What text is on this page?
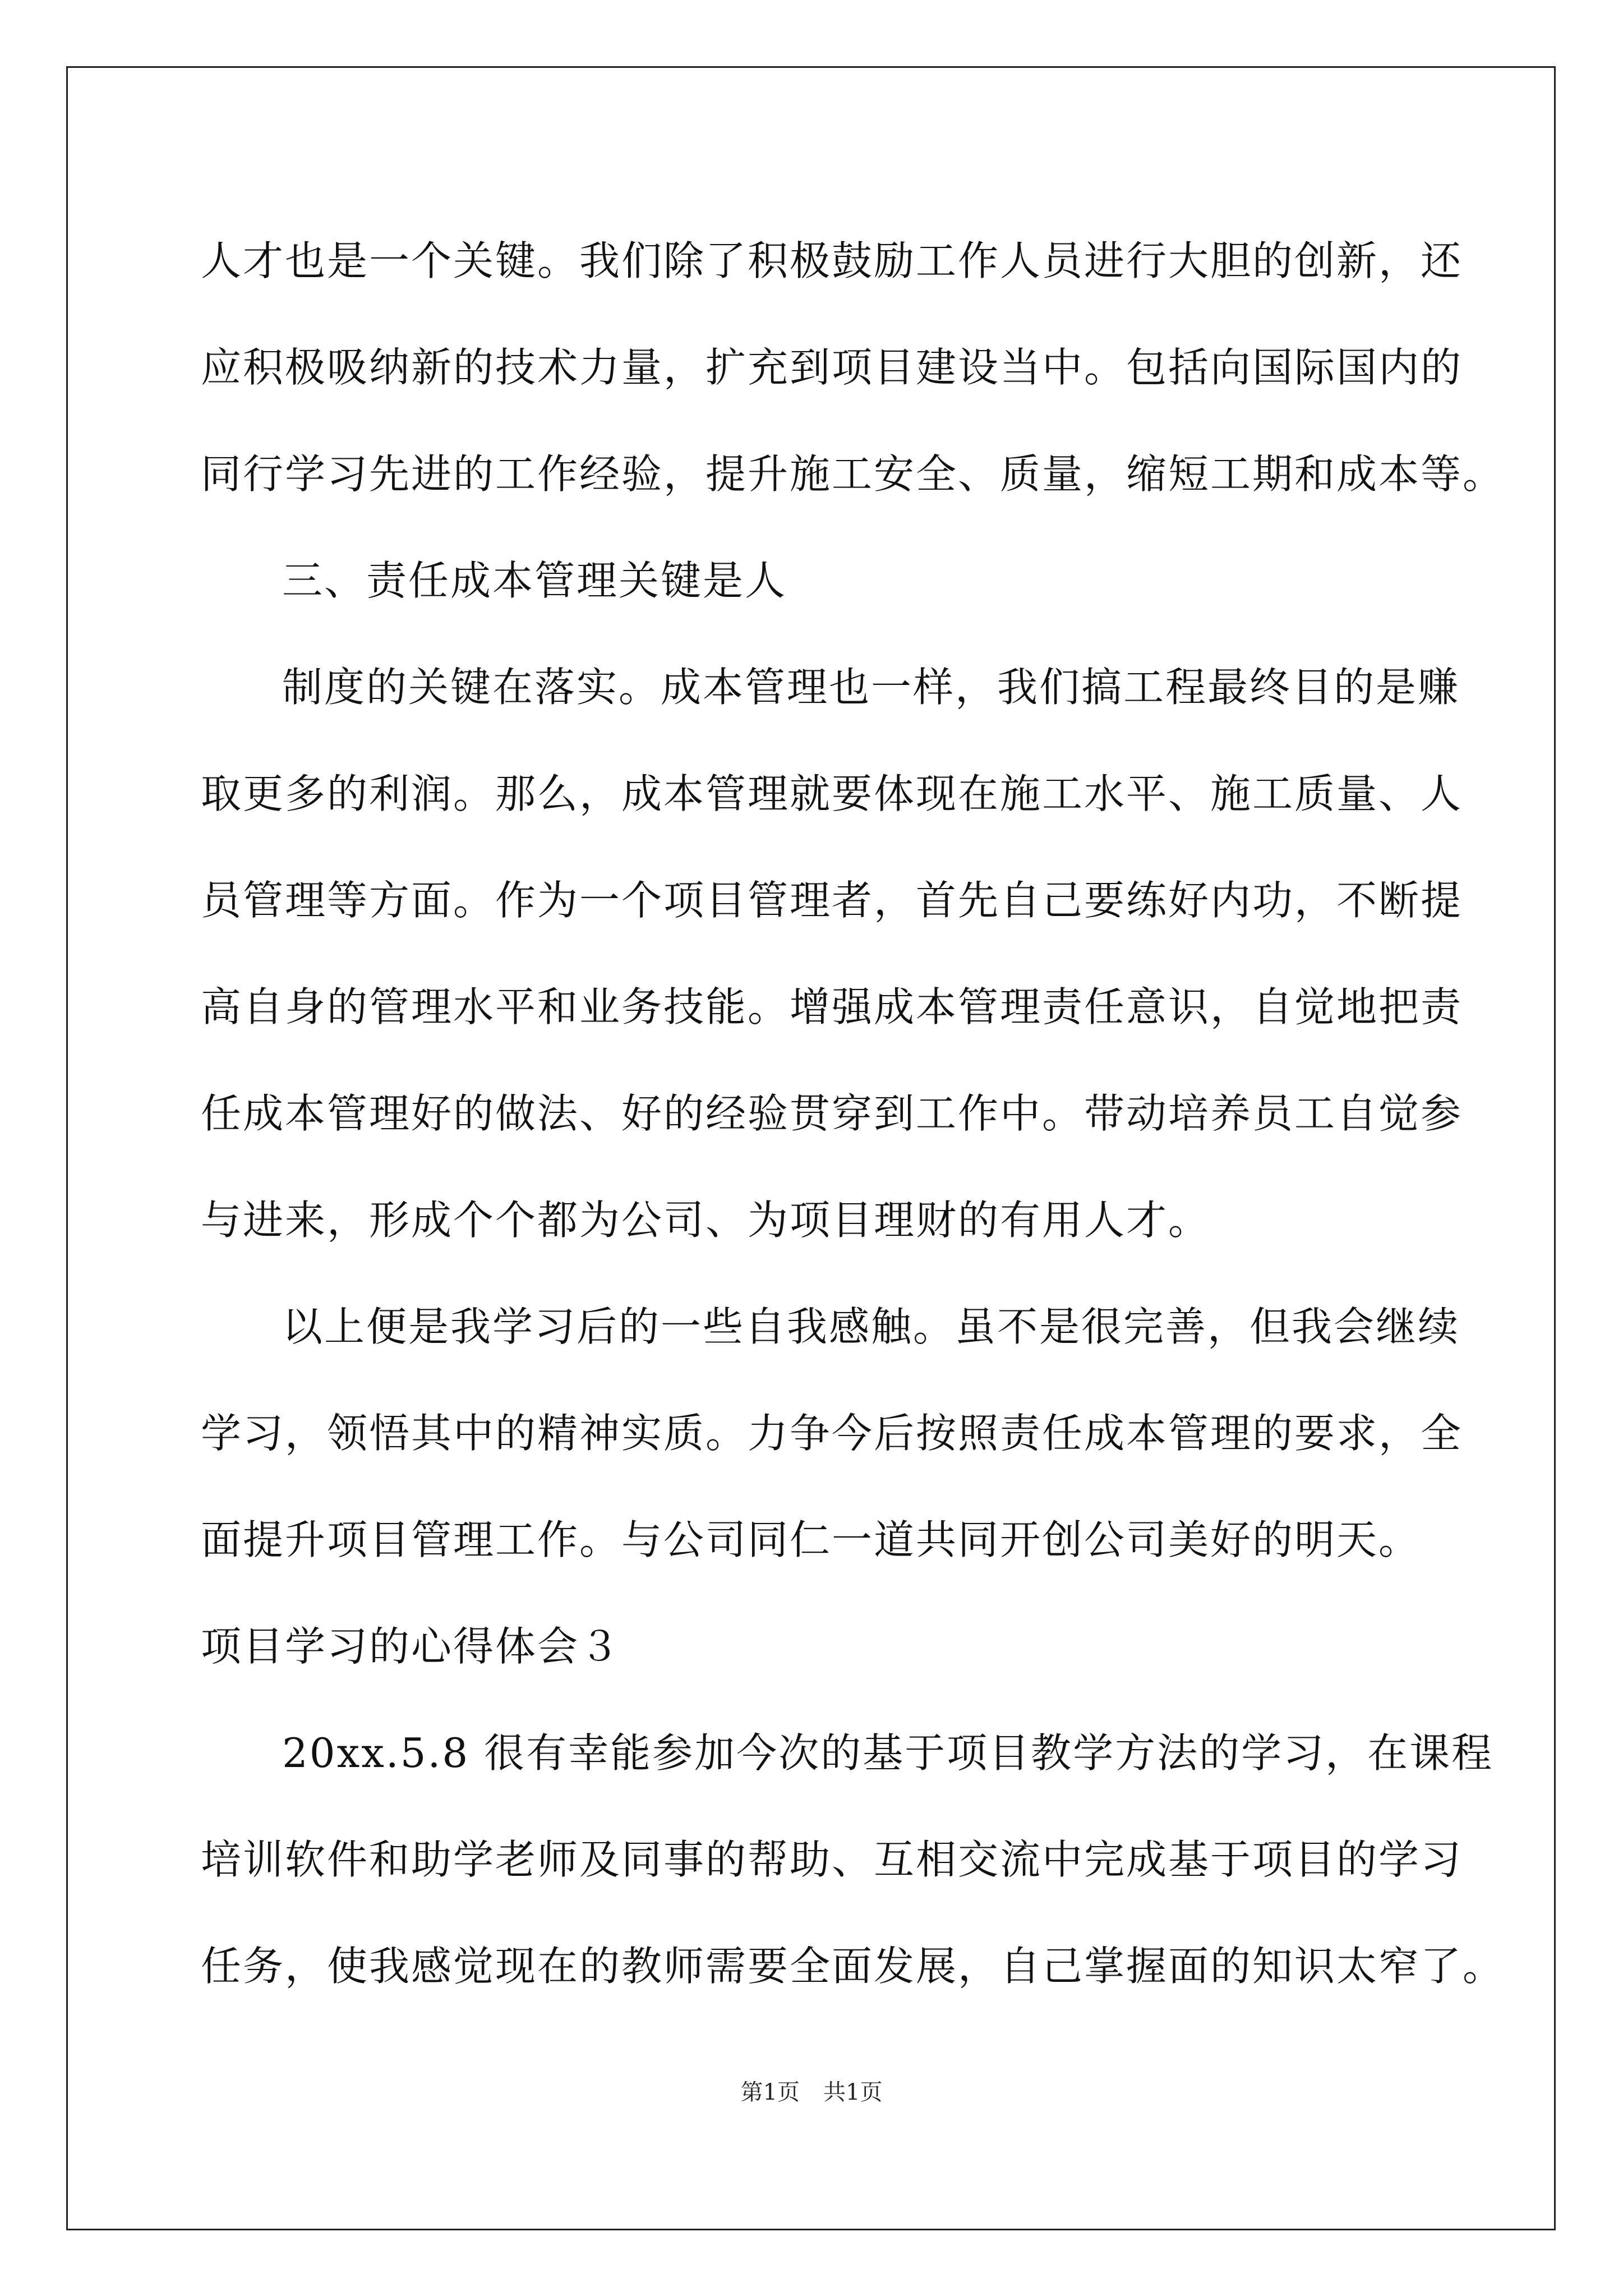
人才也是一个关键。我们除了积极鼓励工作人员进行大胆的创新，还
应积极吸纳新的技术力量，扩充到项目建设当中。包括向国际国内的
同行学习先进的工作经验，提升施工安全、质量，缩短工期和成本等。
三、责任成本管理关键是人
制度的关键在落实。成本管理也一样，我们搞工程最终目的是赚
取更多的利润。那么，成本管理就要体现在施工水平、施工质量、人
员管理等方面。作为一个项目管理者，首先自己要练好内功，不断提
高自身的管理水平和业务技能。增强成本管理责任意识，自觉地把责
任成本管理好的做法、好的经验贯穿到工作中。带动培养员工自觉参
与进来，形成个个都为公司、为项目理财的有用人才。
以上便是我学习后的一些自我感触。虽不是很完善，但我会继续
学习，领悟其中的精神实质。力争今后按照责任成本管理的要求，全
面提升项目管理工作。与公司同仁一道共同开创公司美好的明天。
项目学习的心得体会３
20xx.5.8 很有幸能参加今次的基于项目教学方法的学习，在课程
培训软件和助学老师及同事的帮助、互相交流中完成基于项目的学习
任务，使我感觉现在的教师需要全面发展，自己掌握面的知识太窄了。
第1页 共1页
